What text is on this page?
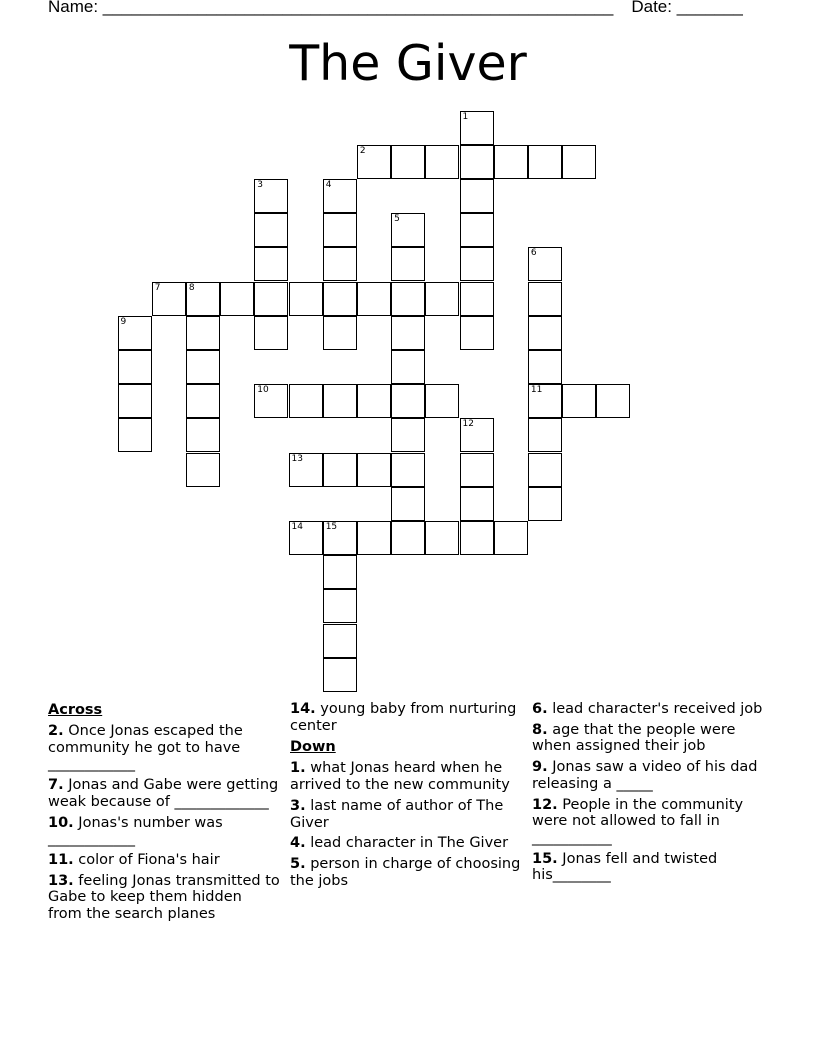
Name: ______________________________________________________ Date: _______
The Giver
1
2
3	4
5
6
7	8
9
10	11
12
13
14	15
Across
2. Once Jonas escaped the community he got to have ____________
7. Jonas and Gabe were getting weak because of _____________
10. Jonas's number was ____________
11. color of Fiona's hair
13. feeling Jonas transmitted to Gabe to keep them hidden from the search planes
14. young baby from nurturing center
Down
1. what Jonas heard when he arrived to the new community
3. last name of author of The Giver
4. lead character in The Giver
5. person in charge of choosing the jobs
6. lead character's received job
8. age that the people were when assigned their job
9. Jonas saw a video of his dad releasing a _____
12. People in the community were not allowed to fall in ___________
15. Jonas fell and twisted his________
